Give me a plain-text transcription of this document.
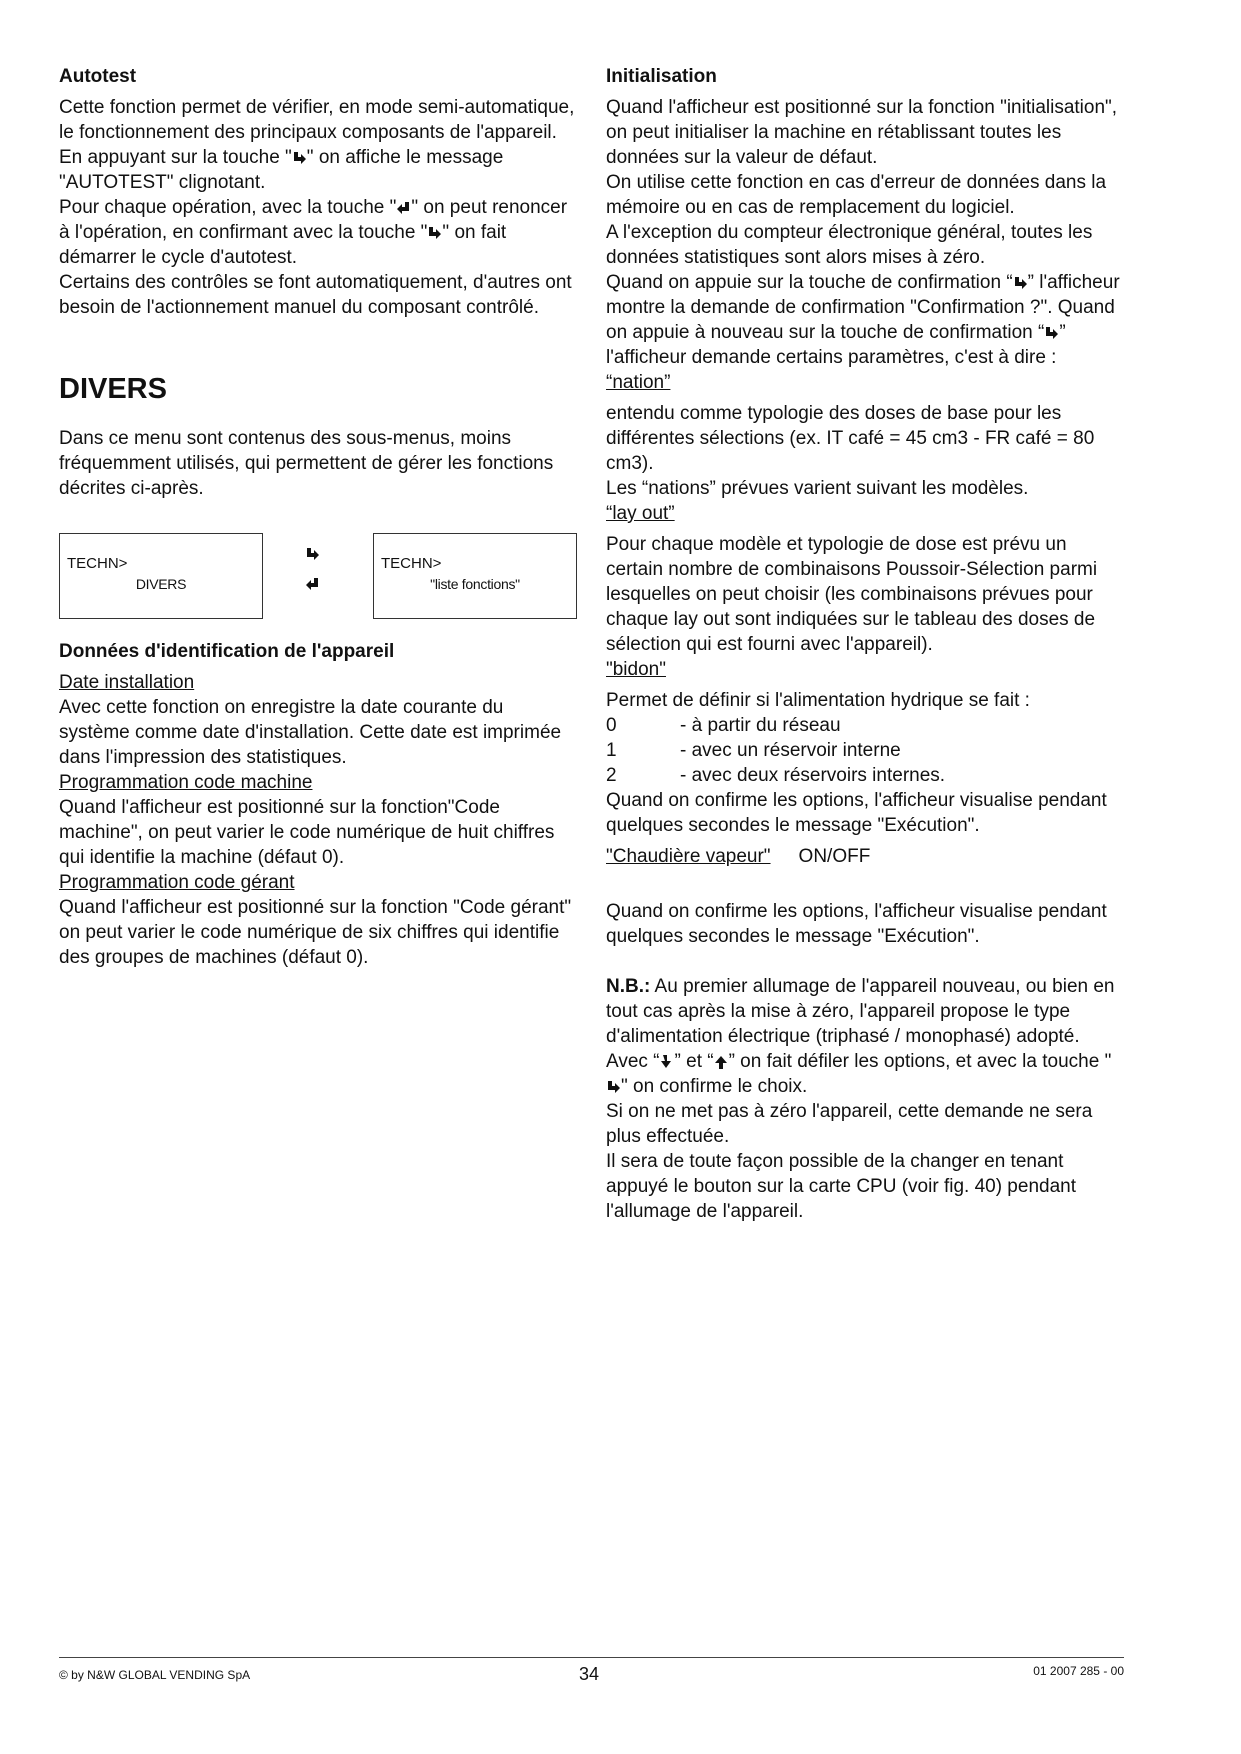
Autotest

Cette fonction permet de vérifier, en mode semi-automatique, le fonctionnement des principaux composants de l'appareil.

En appuyant sur la touche " " on affiche le message "AUTOTEST" clignotant.

Pour chaque opération, avec la touche " " on peut renoncer à l'opération, en confirmant avec la touche " " on fait démarrer le cycle d'autotest.

Certains des contrôles se font automatiquement, d'autres ont besoin de l'actionnement manuel du composant contrôlé.

DIVERS

Dans ce menu sont contenus des sous-menus, moins fréquemment utilisés, qui permettent de gérer les fonctions décrites ci-après.

TECHN>
DIVERS
TECHN>
"liste fonctions"
Données d'identification de l'appareil

Date installation

Avec cette fonction on enregistre la date courante du système comme date d'installation. Cette date est imprimée dans l'impression des statistiques.

Programmation code machine

Quand l'afficheur est positionné sur la fonction"Code machine", on peut varier le code numérique de huit chiffres qui identifie la machine (défaut 0).

Programmation code gérant

Quand l'afficheur est positionné sur la fonction "Code gérant" on peut varier le code numérique de six chiffres qui identifie des groupes de machines (défaut 0).

Initialisation

Quand l'afficheur est positionné sur la fonction "initialisation", on peut initialiser la machine en rétablissant toutes les données sur la valeur de défaut.

On utilise cette fonction en cas d'erreur de données dans la mémoire ou en cas de remplacement du logiciel.

A l'exception du compteur électronique général, toutes les données statistiques sont alors mises à zéro.

Quand on appuie sur la touche de confirmation “ ” l'afficheur montre la demande de confirmation "Confirmation ?". Quand on appuie à nouveau sur la touche de confirmation “ ” l'afficheur demande certains paramètres, c'est à dire :

“nation”

entendu comme typologie des doses de base pour les différentes sélections (ex. IT café = 45 cm3 - FR café = 80 cm3).

Les “nations” prévues varient suivant les modèles.

“lay out”

Pour chaque modèle et typologie de dose est prévu un certain nombre de combinaisons Poussoir-Sélection parmi lesquelles on peut choisir (les combinaisons prévues pour chaque lay out sont indiquées sur le tableau des doses de sélection qui est fourni avec l'appareil).

"bidon"

Permet de définir si l'alimentation hydrique se fait :

0	- à partir du réseau

1	- avec un réservoir interne

2	- avec deux réservoirs internes.

Quand on confirme les options, l'afficheur visualise pendant quelques secondes le message "Exécution".

"Chaudière vapeur" ON/OFF

Quand on confirme les options, l'afficheur visualise pendant quelques secondes le message "Exécution".

N.B.: Au premier allumage de l'appareil nouveau, ou bien en tout cas après la mise à zéro, l'appareil propose le type d'alimentation électrique (triphasé / monophasé) adopté.

Avec “ ” et “ ” on fait défiler les options, et avec la touche "
" on confirme le choix.

Si on ne met pas à zéro l'appareil, cette demande ne sera plus effectuée.

Il sera de toute façon possible de la changer en tenant appuyé le bouton sur la carte CPU (voir fig. 40) pendant l'allumage de l'appareil.

© by N&W GLOBAL VENDING SpA	34	01 2007 285 - 00
